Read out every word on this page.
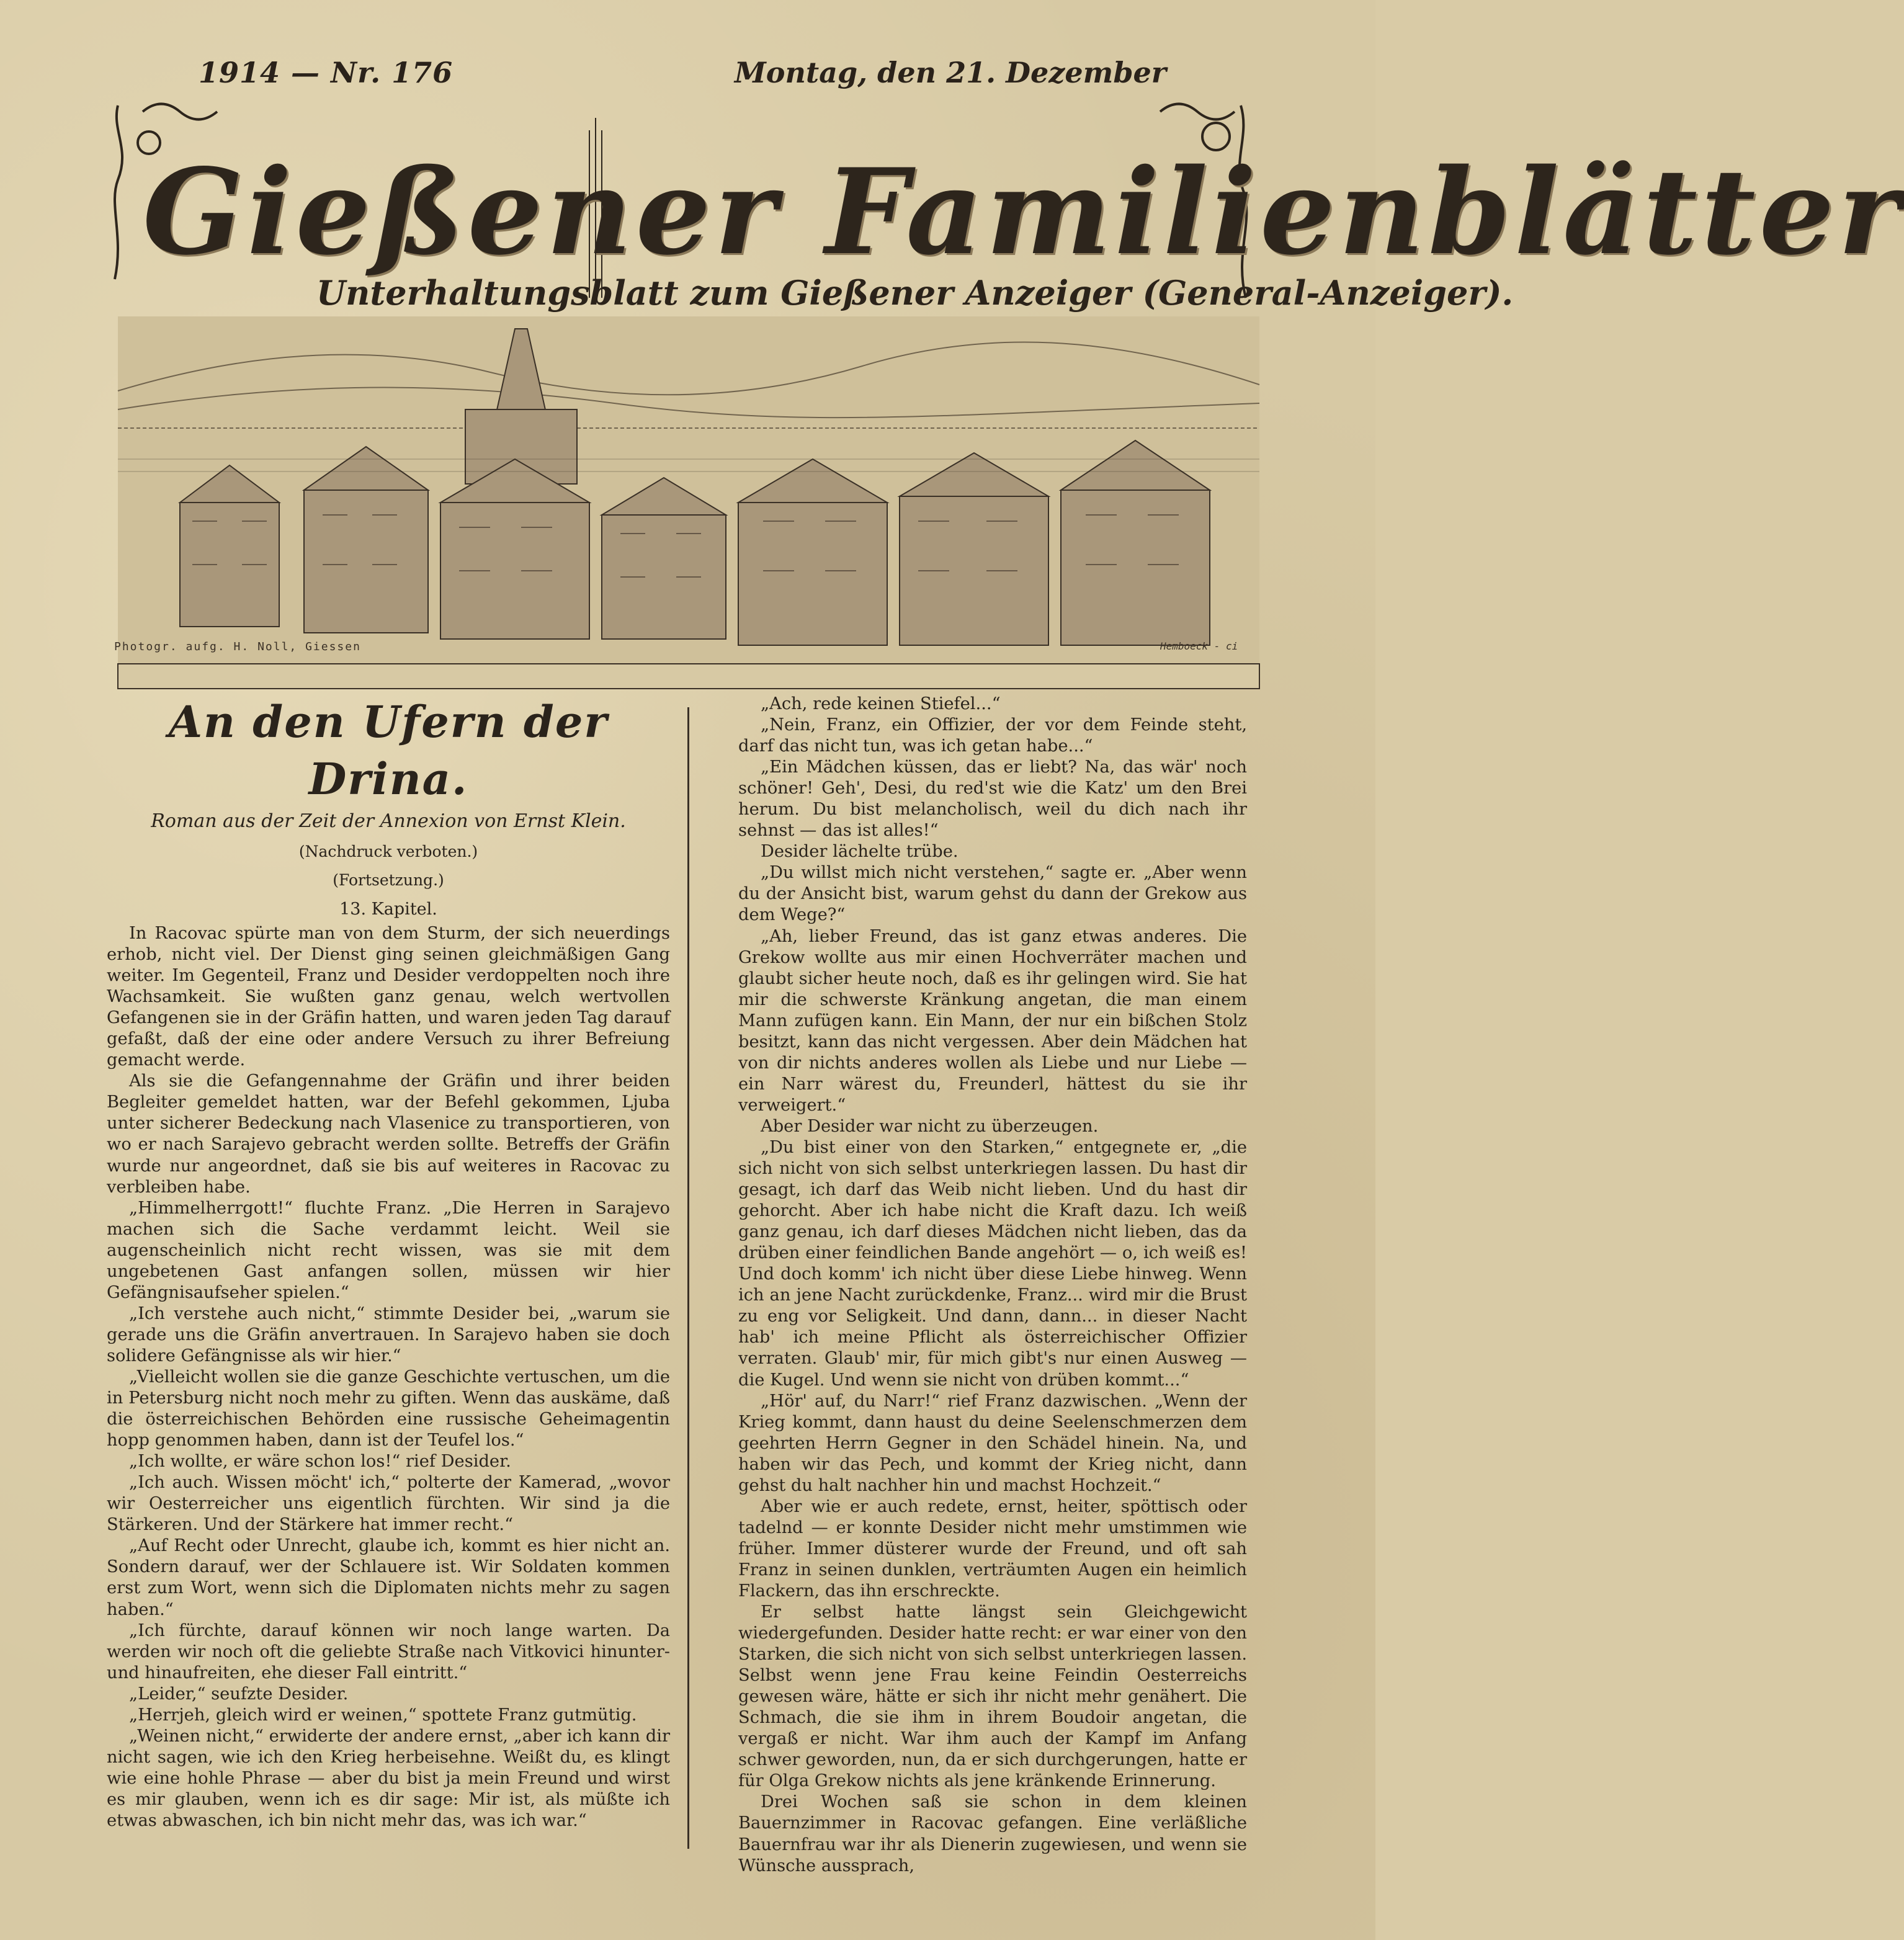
1914 — Nr. 176	Montag, den 21. Dezember
Gießener Familienblätter
Unterhaltungsblatt zum Gießener Anzeiger (General-Anzeiger).
Photogr. aufg. H. Noll, Giessen	Hemboeck - ci
An den Ufern der Drina.
Roman aus der Zeit der Annexion von Ernst Klein.
(Nachdruck verboten.)
(Fortsetzung.)
13. Kapitel.

In Racovac spürte man von dem Sturm, der sich neuerdings erhob, nicht viel. Der Dienst ging seinen gleichmäßigen Gang weiter. Im Gegenteil, Franz und Desider verdoppelten noch ihre Wachsamkeit. Sie wußten ganz genau, welch wertvollen Gefangenen sie in der Gräfin hatten, und waren jeden Tag darauf gefaßt, daß der eine oder andere Versuch zu ihrer Befreiung gemacht werde.

Als sie die Gefangennahme der Gräfin und ihrer beiden Begleiter gemeldet hatten, war der Befehl gekommen, Ljuba unter sicherer Bedeckung nach Vlasenice zu transportieren, von wo er nach Sarajevo gebracht werden sollte. Betreffs der Gräfin wurde nur angeordnet, daß sie bis auf weiteres in Racovac zu verbleiben habe.

„Himmelherrgott!“ fluchte Franz. „Die Herren in Sarajevo machen sich die Sache verdammt leicht. Weil sie augenscheinlich nicht recht wissen, was sie mit dem ungebetenen Gast anfangen sollen, müssen wir hier Gefängnisaufseher spielen.“

„Ich verstehe auch nicht,“ stimmte Desider bei, „warum sie gerade uns die Gräfin anvertrauen. In Sarajevo haben sie doch solidere Gefängnisse als wir hier.“

„Vielleicht wollen sie die ganze Geschichte vertuschen, um die in Petersburg nicht noch mehr zu giften. Wenn das auskäme, daß die österreichischen Behörden eine russische Geheimagentin hopp genommen haben, dann ist der Teufel los.“

„Ich wollte, er wäre schon los!“ rief Desider.

„Ich auch. Wissen möcht' ich,“ polterte der Kamerad, „wovor wir Oesterreicher uns eigentlich fürchten. Wir sind ja die Stärkeren. Und der Stärkere hat immer recht.“

„Auf Recht oder Unrecht, glaube ich, kommt es hier nicht an. Sondern darauf, wer der Schlauere ist. Wir Soldaten kommen erst zum Wort, wenn sich die Diplomaten nichts mehr zu sagen haben.“

„Ich fürchte, darauf können wir noch lange warten. Da werden wir noch oft die geliebte Straße nach Vitkovici hinunter- und hinaufreiten, ehe dieser Fall eintritt.“

„Leider,“ seufzte Desider.

„Herrjeh, gleich wird er weinen,“ spottete Franz gutmütig.

„Weinen nicht,“ erwiderte der andere ernst, „aber ich kann dir nicht sagen, wie ich den Krieg herbeisehne. Weißt du, es klingt wie eine hohle Phrase — aber du bist ja mein Freund und wirst es mir glauben, wenn ich es dir sage: Mir ist, als müßte ich etwas abwaschen, ich bin nicht mehr das, was ich war.“

„Ach, rede keinen Stiefel...“

„Nein, Franz, ein Offizier, der vor dem Feinde steht, darf das nicht tun, was ich getan habe...“

„Ein Mädchen küssen, das er liebt? Na, das wär' noch schöner! Geh', Desi, du red'st wie die Katz' um den Brei herum. Du bist melancholisch, weil du dich nach ihr sehnst — das ist alles!“

Desider lächelte trübe.

„Du willst mich nicht verstehen,“ sagte er. „Aber wenn du der Ansicht bist, warum gehst du dann der Grekow aus dem Wege?“

„Ah, lieber Freund, das ist ganz etwas anderes. Die Grekow wollte aus mir einen Hochverräter machen und glaubt sicher heute noch, daß es ihr gelingen wird. Sie hat mir die schwerste Kränkung angetan, die man einem Mann zufügen kann. Ein Mann, der nur ein bißchen Stolz besitzt, kann das nicht vergessen. Aber dein Mädchen hat von dir nichts anderes wollen als Liebe und nur Liebe — ein Narr wärest du, Freunderl, hättest du sie ihr verweigert.“

Aber Desider war nicht zu überzeugen.

„Du bist einer von den Starken,“ entgegnete er, „die sich nicht von sich selbst unterkriegen lassen. Du hast dir gesagt, ich darf das Weib nicht lieben. Und du hast dir gehorcht. Aber ich habe nicht die Kraft dazu. Ich weiß ganz genau, ich darf dieses Mädchen nicht lieben, das da drüben einer feindlichen Bande angehört — o, ich weiß es! Und doch komm' ich nicht über diese Liebe hinweg. Wenn ich an jene Nacht zurückdenke, Franz... wird mir die Brust zu eng vor Seligkeit. Und dann, dann... in dieser Nacht hab' ich meine Pflicht als österreichischer Offizier verraten. Glaub' mir, für mich gibt's nur einen Ausweg — die Kugel. Und wenn sie nicht von drüben kommt...“

„Hör' auf, du Narr!“ rief Franz dazwischen. „Wenn der Krieg kommt, dann haust du deine Seelenschmerzen dem geehrten Herrn Gegner in den Schädel hinein. Na, und haben wir das Pech, und kommt der Krieg nicht, dann gehst du halt nachher hin und machst Hochzeit.“

Aber wie er auch redete, ernst, heiter, spöttisch oder tadelnd — er konnte Desider nicht mehr umstimmen wie früher. Immer düsterer wurde der Freund, und oft sah Franz in seinen dunklen, verträumten Augen ein heimlich Flackern, das ihn erschreckte.

Er selbst hatte längst sein Gleichgewicht wiedergefunden. Desider hatte recht: er war einer von den Starken, die sich nicht von sich selbst unterkriegen lassen. Selbst wenn jene Frau keine Feindin Oesterreichs gewesen wäre, hätte er sich ihr nicht mehr genähert. Die Schmach, die sie ihm in ihrem Boudoir angetan, die vergaß er nicht. War ihm auch der Kampf im Anfang schwer geworden, nun, da er sich durchgerungen, hatte er für Olga Grekow nichts als jene kränkende Erinnerung.

Drei Wochen saß sie schon in dem kleinen Bauernzimmer in Racovac gefangen. Eine verläßliche Bauernfrau war ihr als Dienerin zugewiesen, und wenn sie Wünsche aussprach,
